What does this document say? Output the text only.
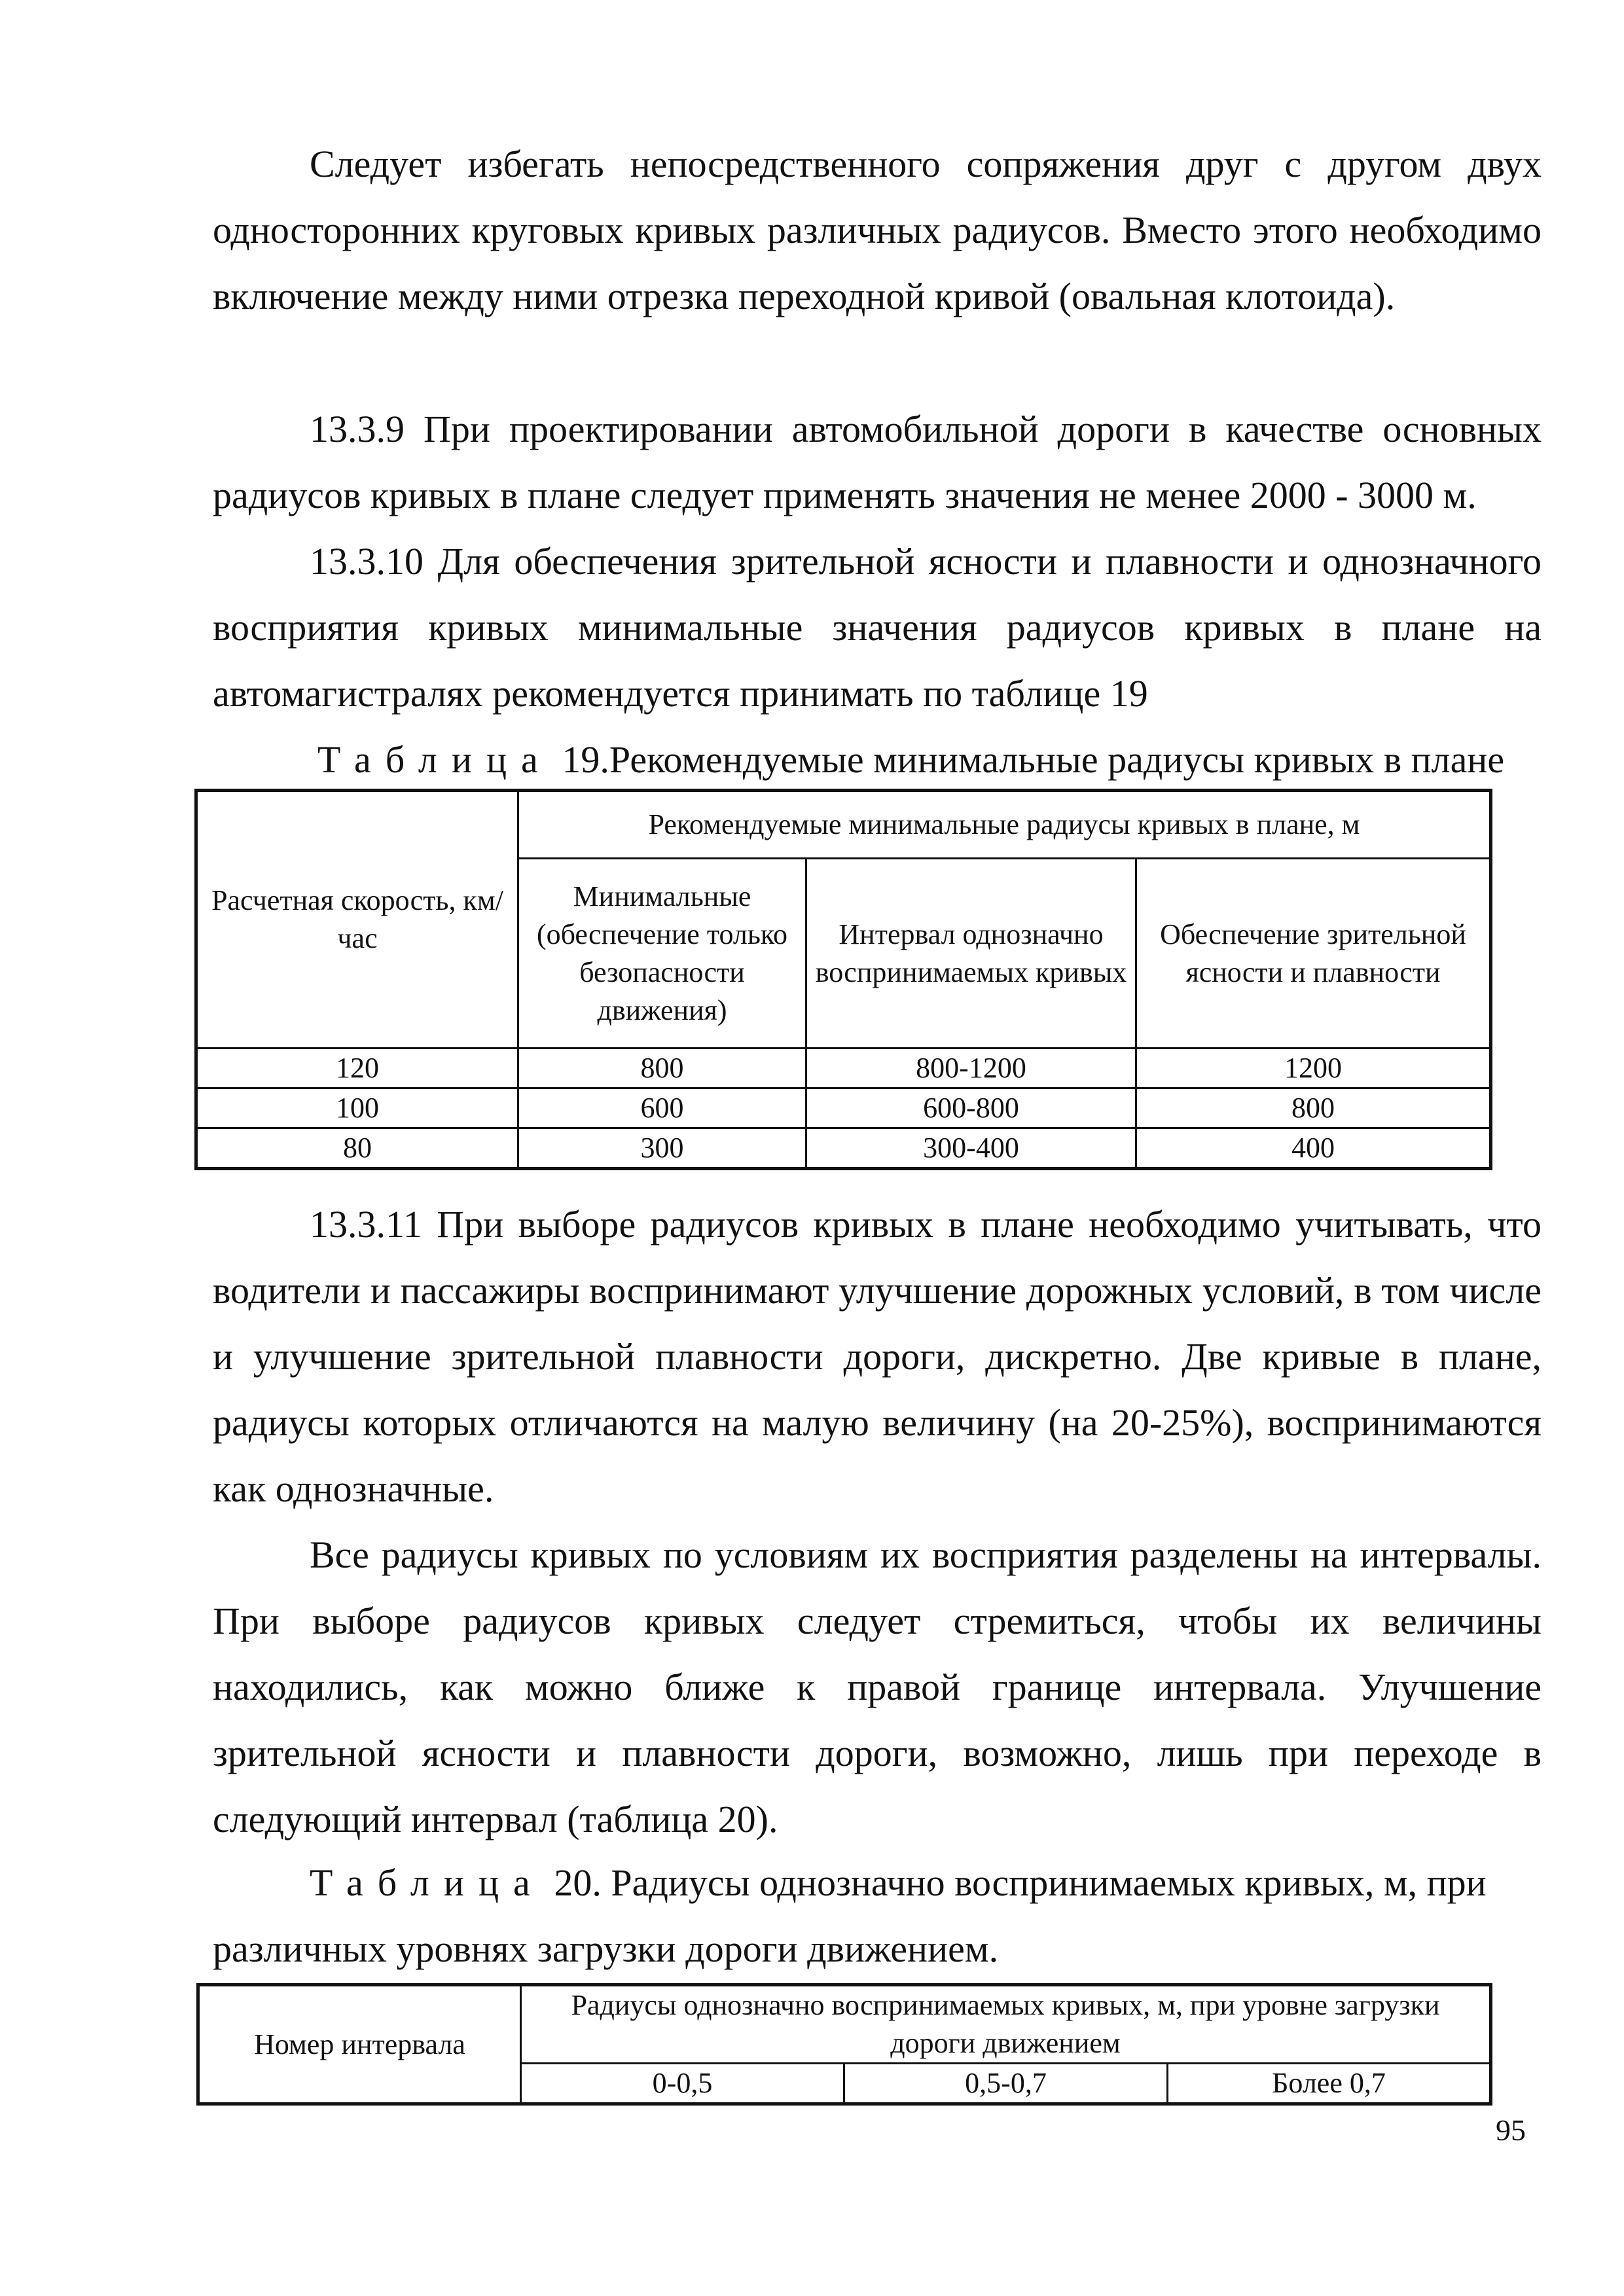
Следует избегать непосредственного сопряжения друг с другом двух односторонних круговых кривых различных радиусов. Вместо этого необходимо включение между ними отрезка переходной кривой (овальная клотоида).

13.3.9 При проектировании автомобильной дороги в качестве основных радиусов кривых в плане следует применять значения не менее 2000 - 3000 м.

13.3.10 Для обеспечения зрительной ясности и плавности и однозначного восприятия кривых минимальные значения радиусов кривых в плане на автомагистралях рекомендуется принимать по таблице 19

Таблица 19.Рекомендуемые минимальные радиусы кривых в плане

Расчетная скорость, км/час	Рекомендуемые минимальные радиусы кривых в плане, м		
	Минимальные (обеспечение только безопасности движения)	Интервал однозначно воспринимаемых кривых	Обеспечение зрительной ясности и плавности
120	800	800-1200	1200
100	600	600-800	800
80	300	300-400	400

13.3.11 При выборе радиусов кривых в плане необходимо учитывать, что водители и пассажиры воспринимают улучшение дорожных условий, в том числе и улучшение зрительной плавности дороги, дискретно. Две кривые в плане, радиусы которых отличаются на малую величину (на 20-25%), воспринимаются как однозначные.

Все радиусы кривых по условиям их восприятия разделены на интервалы. При выборе радиусов кривых следует стремиться, чтобы их величины находились, как можно ближе к правой границе интервала. Улучшение зрительной ясности и плавности дороги, возможно, лишь при переходе в следующий интервал (таблица 20).

Таблица 20. Радиусы однозначно воспринимаемых кривых, м, при

различных уровнях загрузки дороги движением.

Номер интервала	Радиусы однозначно воспринимаемых кривых, м, при уровне загрузки дороги движением		
	0-0,5	0,5-0,7	Более 0,7
95
